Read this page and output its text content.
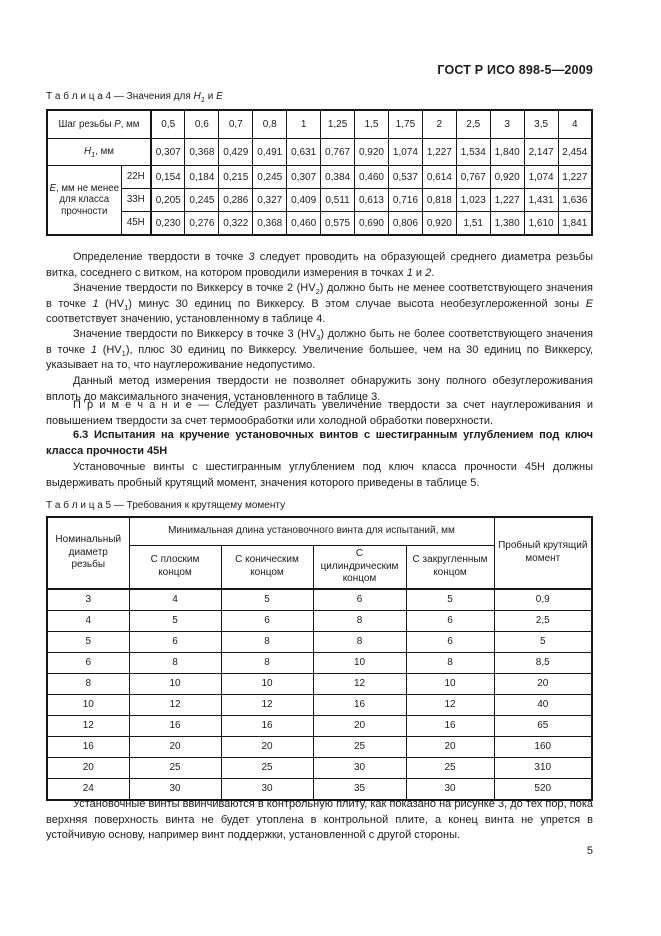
ГОСТ Р ИСО 898-5—2009
Т а б л и ц а 4 — Значения для $H_1$ и E
Шаг резьбы Р, мм		0,5	0,6	0,7	0,8	1	1,25	1,5	1,75	2	2,5	3	3,5	4
$Н_1$, мм		0,307	0,368	0,429	0,491	0,631	0,767	0,920	1,074	1,227	1,534	1,840	2,147	2,454
Е, мм не менее для класса прочности	22Н	0,154	0,184	0,215	0,245	0,307	0,384	0,460	0,537	0,614	0,767	0,920	1,074	1,227
	33Н	0,205	0,245	0,286	0,327	0,409	0,511	0,613	0,716	0,818	1,023	1,227	1,431	1,636
	45Н	0,230	0,276	0,322	0,368	0,460	0,575	0,690	0,806	0,920	1,51	1,380	1,610	1,841

Определение твердости в точке 3 следует проводить на образующей среднего диаметра резьбы витка, соседнего с витком, на котором проводили измерения в точках 1 и 2.

Значение твердости по Виккерсу в точке 2 $(HV_2)$ должно быть не менее соответствующего значения в точке 1 $(HV_1)$ минус 30 единиц по Виккерсу. В этом случае высота необезуглероженной зоны E соответствует значению, установленному в таблице 4.

Значение твердости по Виккерсу в точке 3 $(HV_3)$ должно быть не более соответствующего значения в точке 1 $(HV_1)$, плюс 30 единиц по Виккерсу. Увеличение большее, чем на 30 единиц по Виккерсу, указывает на то, что науглероживание недопустимо.

Данный метод измерения твердости не позволяет обнаружить зону полного обезуглероживания вплоть до максимального значения, установленного в таблице 3.

П р и м е ч а н и е — Следует различать увеличение твердости за счет науглероживания и повышением твердости за счет термообработки или холодной обработки поверхности.

6.3 Испытания на кручение установочных винтов с шестигранным углублением под ключ класса прочности 45Н

Установочные винты с шестигранным углублением под ключ класса прочности 45Н должны выдерживать пробный крутящий момент, значения которого приведены в таблице 5.

Т а б л и ц а 5 — Требования к крутящему моменту
Номинальный диаметр резьбы	Минимальная длина установочного винта для испытаний, мм				Пробный крутящий момент
	С плоским концом	С коническим концом	С цилиндрическим концом	С закругленным концом	
3	4	5	6	5	0,9
4	5	6	8	6	2,5
5	6	8	8	6	5
6	8	8	10	8	8,5
8	10	10	12	10	20
10	12	12	16	12	40
12	16	16	20	16	65
16	20	20	25	20	160
20	25	25	30	25	310
24	30	30	35	30	520

Установочные винты ввинчиваются в контрольную плиту, как показано на рисунке 3, до тех пор, пока верхняя поверхность винта не будет утоплена в контрольной плите, а конец винта не упрется в устойчивую основу, например винт поддержки, установленной с другой стороны.

5
